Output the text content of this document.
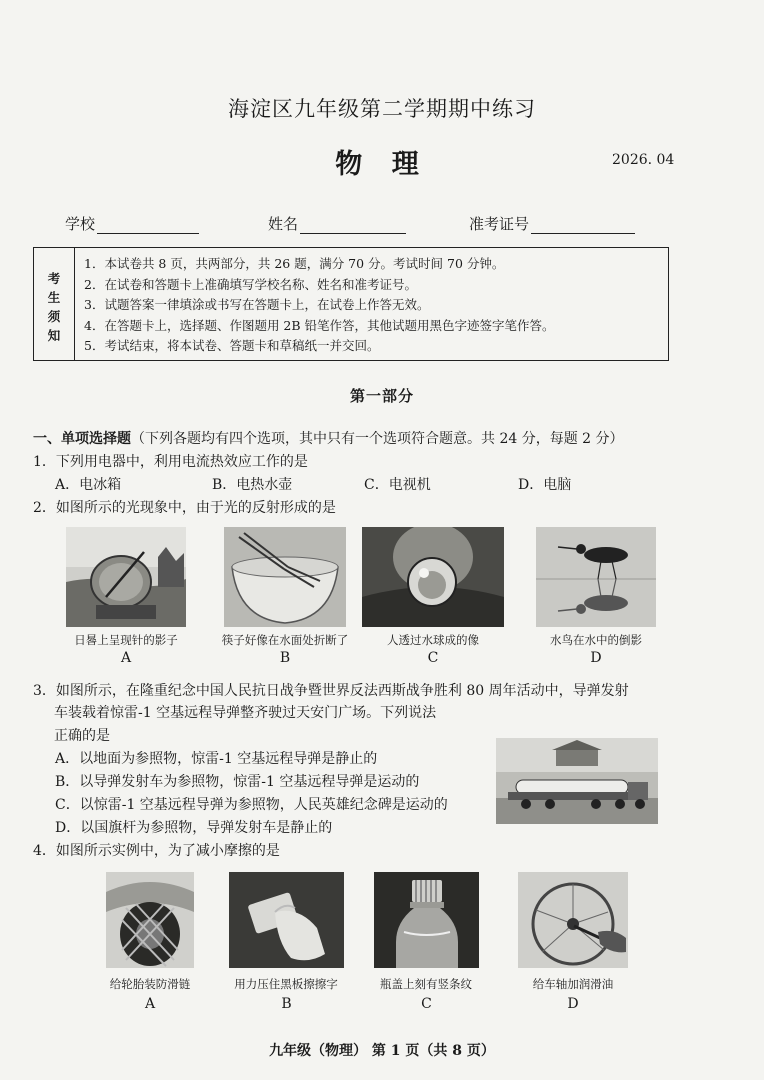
海淀区九年级第二学期期中练习
物 理	2026. 04
学校	姓名	准考证号
考
生
须
知
1．本试卷共 8 页，共两部分，共 26 题，满分 70 分。考试时间 70 分钟。
2．在试卷和答题卡上准确填写学校名称、姓名和准考证号。
3．试题答案一律填涂或书写在答题卡上，在试卷上作答无效。
4．在答题卡上，选择题、作图题用 2B 铅笔作答，其他试题用黑色字迹签字笔作答。
5．考试结束，将本试卷、答题卡和草稿纸一并交回。
第一部分
一、单项选择题（下列各题均有四个选项，其中只有一个选项符合题意。共 24 分，每题 2 分）
1．下列用电器中，利用电流热效应工作的是
A．电冰箱	B．电热水壶	C．电视机	D．电脑
2．如图所示的光现象中，由于光的反射形成的是
日晷上呈现针的影子
A
筷子好像在水面处折断了
B
人透过水球成的像
C
水鸟在水中的倒影
D
3．如图所示，在隆重纪念中国人民抗日战争暨世界反法西斯战争胜利 80 周年活动中，导弹发射
车装载着惊雷-1 空基远程导弹整齐驶过天安门广场。下列说法
正确的是
A．以地面为参照物，惊雷-1 空基远程导弹是静止的
B．以导弹发射车为参照物，惊雷-1 空基远程导弹是运动的
C．以惊雷-1 空基远程导弹为参照物，人民英雄纪念碑是运动的
D．以国旗杆为参照物，导弹发射车是静止的
4．如图所示实例中，为了减小摩擦的是
给轮胎装防滑链
A
用力压住黑板擦擦字
B
瓶盖上刻有竖条纹
C
给车轴加润滑油
D
九年级（物理） 第 1 页（共 8 页）
